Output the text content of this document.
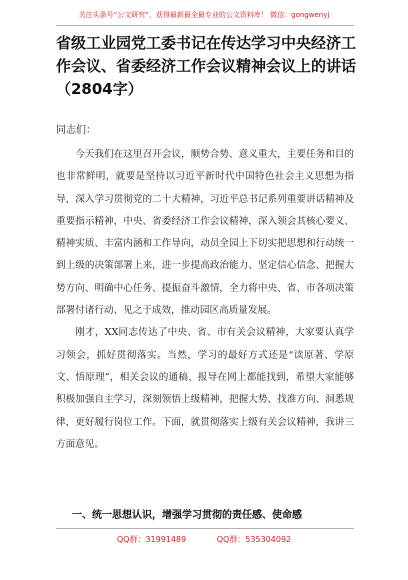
关注头条号“公文研究”，获得最新最全最专业的公文资料库！ 微信：gongwenyj
省级工业园党工委书记在传达学习中央经济工作会议、省委经济工作会议精神会议上的讲话（2804字）
同志们：

今天我们在这里召开会议，顺势合势、意义重大，主要任务和目的也非常鲜明，就要是坚持以习近平新时代中国特色社会主义思想为指导，深入学习贯彻党的二十大精神，习近平总书记系列重要讲话精神及重要指示精神，中央、省委经济工作会议精神，深入领会其核心要义、精神实质、丰富内涵和工作导向，动员全园上下切实把思想和行动统一到上级的决策部署上来，进一步提高政治能力、坚定信心信念、把握大势方向、明确中心任务、提振奋斗激情，全力将中央、省、市各项决策部署付诸行动、见之于成效，推动园区高质量发展。

刚才，XX同志传达了中央、省、市有关会议精神，大家要认真学习领会，抓好贯彻落实。当然，学习的最好方式还是“读原著、学原文、悟原理”，相关会议的通稿、报导在网上都能找到，希望大家能够积极加强自主学习，深刻领悟上级精神，把握大势、找准方向、洞悉规律，更好履行岗位工作。下面，就贯彻落实上级有关会议精神，我讲三方面意见。

一、统一思想认识，增强学习贯彻的责任感、使命感
QQ群：31991489	QQ群：535304092
